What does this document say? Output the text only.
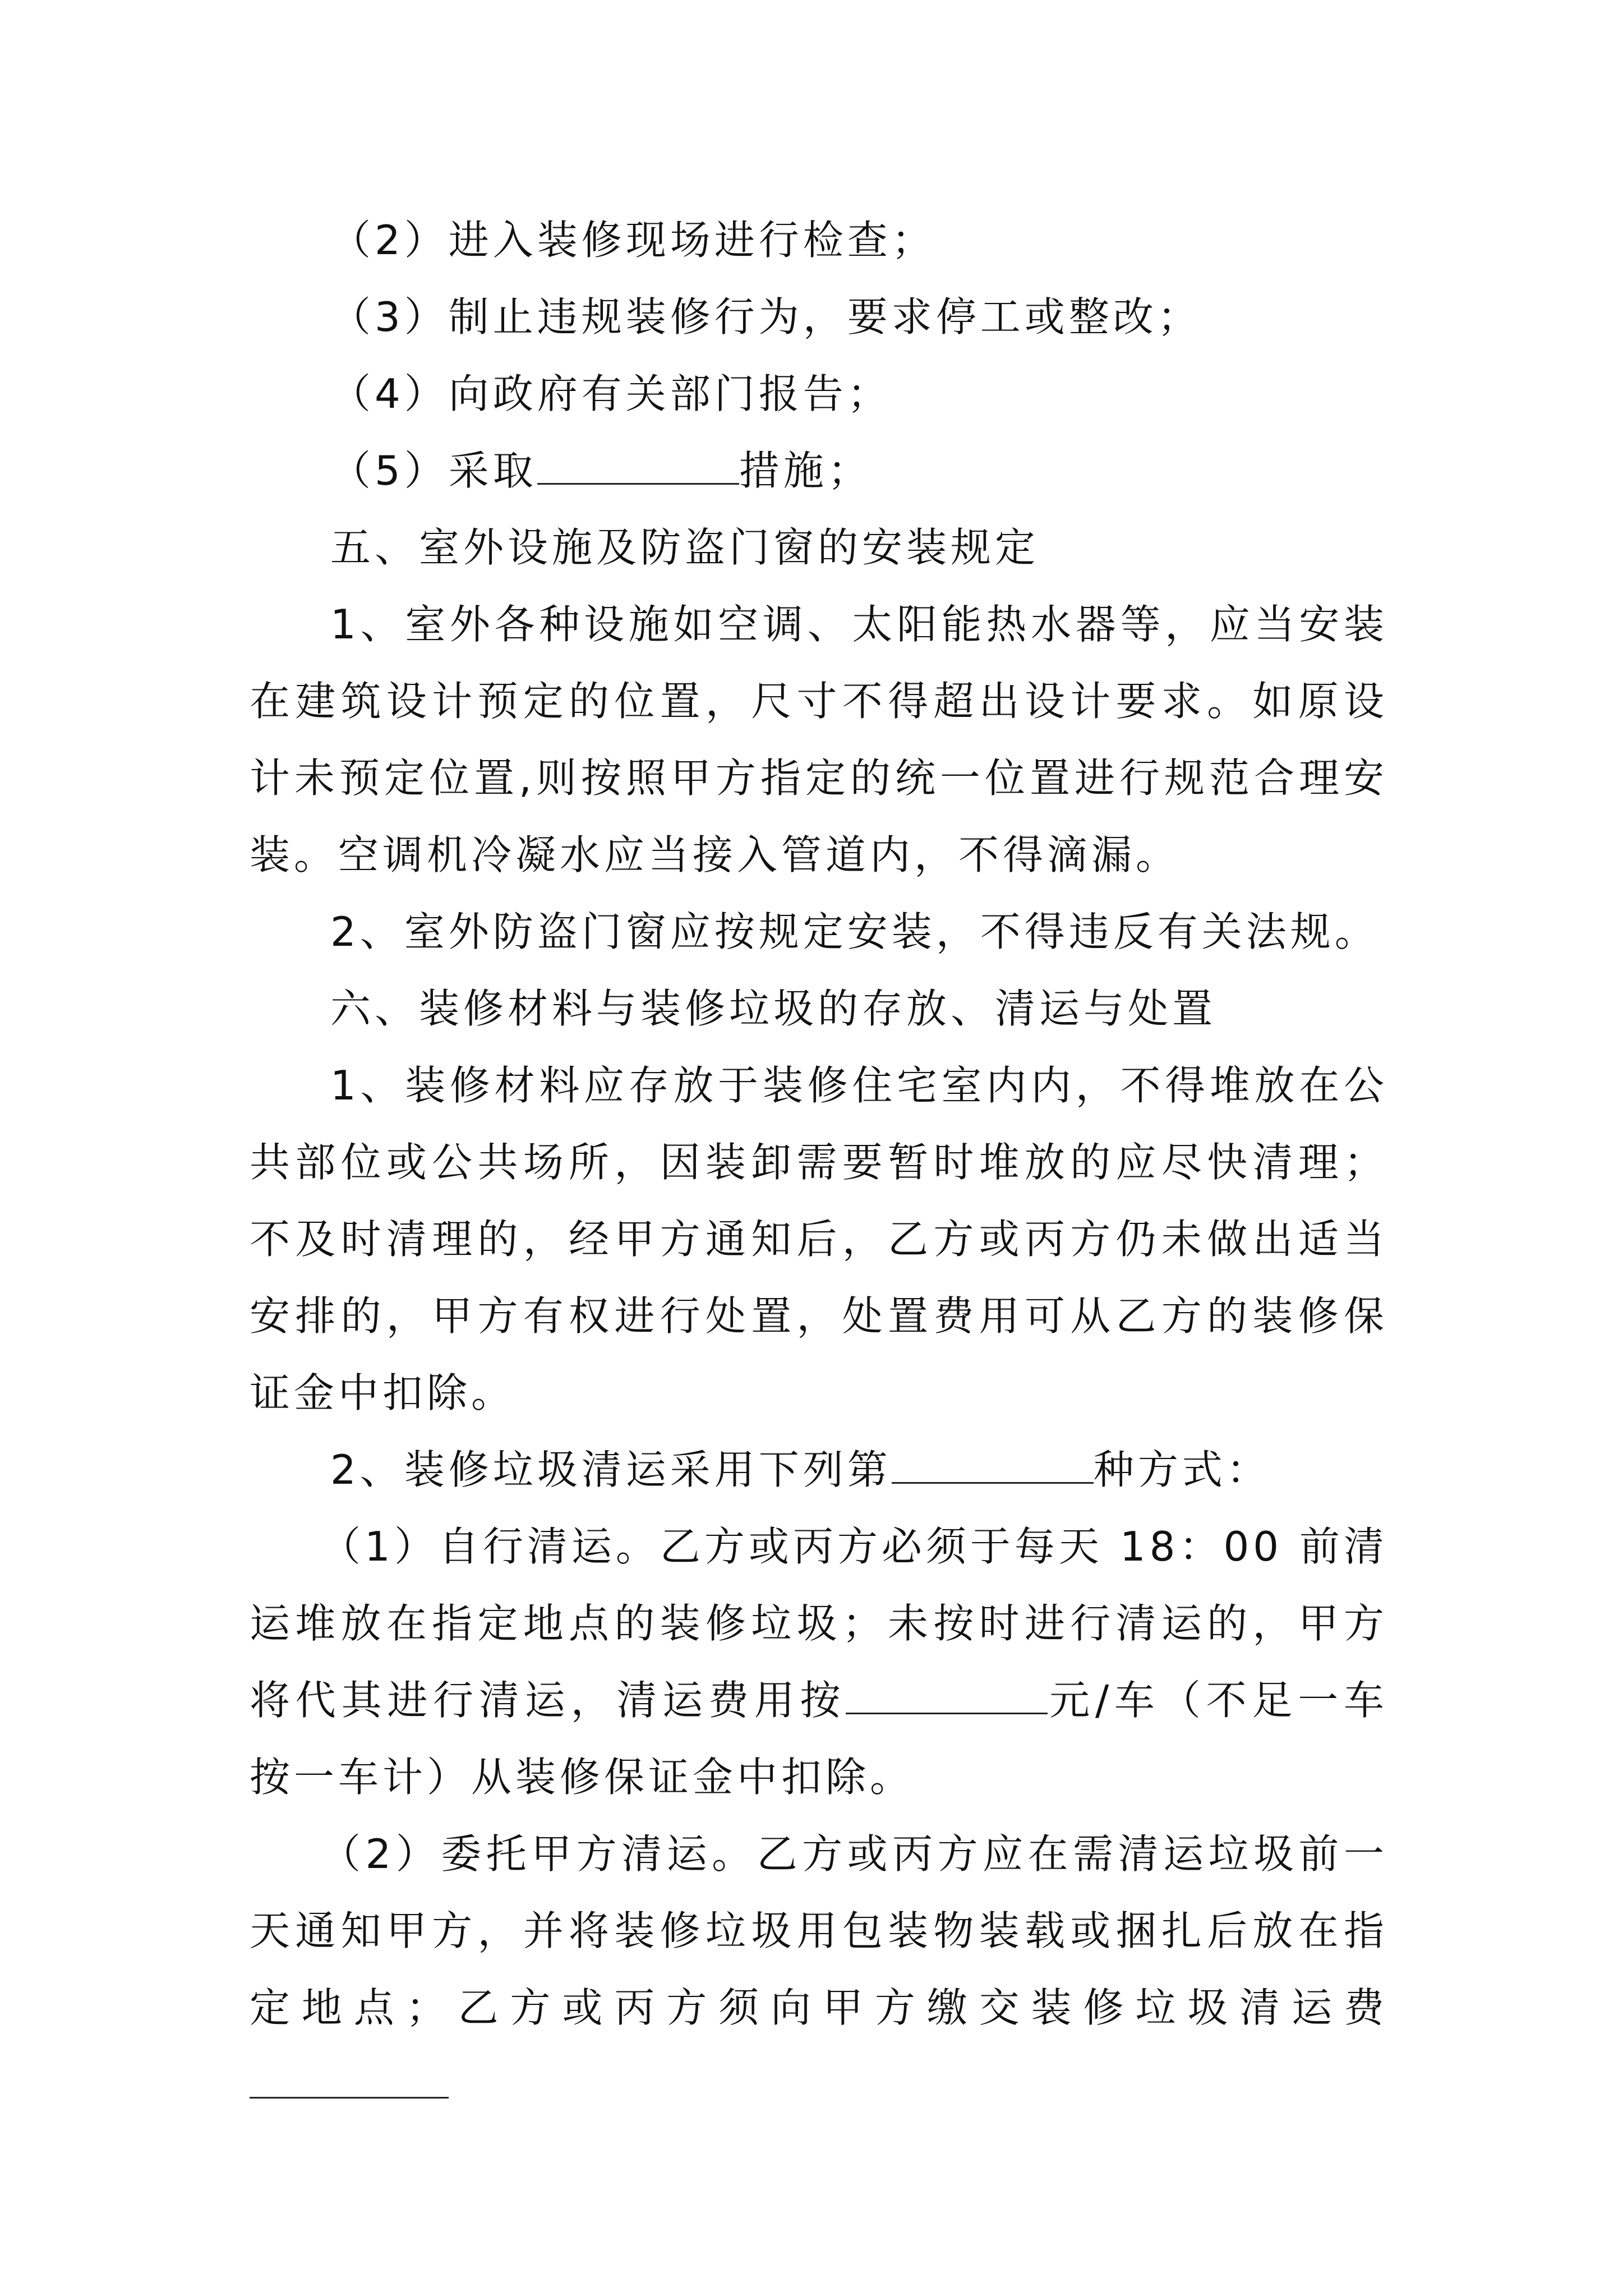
（2）进入装修现场进行检查；

（3）制止违规装修行为，要求停工或整改；

（4）向政府有关部门报告；

（5）采取	措施；

五、室外设施及防盗门窗的安装规定

1、室外各种设施如空调、太阳能热水器等，应当安装在建筑设计预定的位置，尺寸不得超出设计要求。如原设计未预定位置,则按照甲方指定的统一位置进行规范合理安装。空调机冷凝水应当接入管道内，不得滴漏。

2、室外防盗门窗应按规定安装，不得违反有关法规。

六、装修材料与装修垃圾的存放、清运与处置

1、装修材料应存放于装修住宅室内内，不得堆放在公共部位或公共场所，因装卸需要暂时堆放的应尽快清理；不及时清理的，经甲方通知后，乙方或丙方仍未做出适当安排的，甲方有权进行处置，处置费用可从乙方的装修保证金中扣除。

2、装修垃圾清运采用下列第	种方式：

（1）自行清运。乙方或丙方必须于每天 18：00 前清运堆放在指定地点的装修垃圾；未按时进行清运的，甲方将代其进行清运，清运费用按	元/车（不足一车按一车计）从装修保证金中扣除。

（2）委托甲方清运。乙方或丙方应在需清运垃圾前一天通知甲方，并将装修垃圾用包装物装载或捆扎后放在指定地点；乙方或丙方须向甲方缴交装修垃圾清运费
